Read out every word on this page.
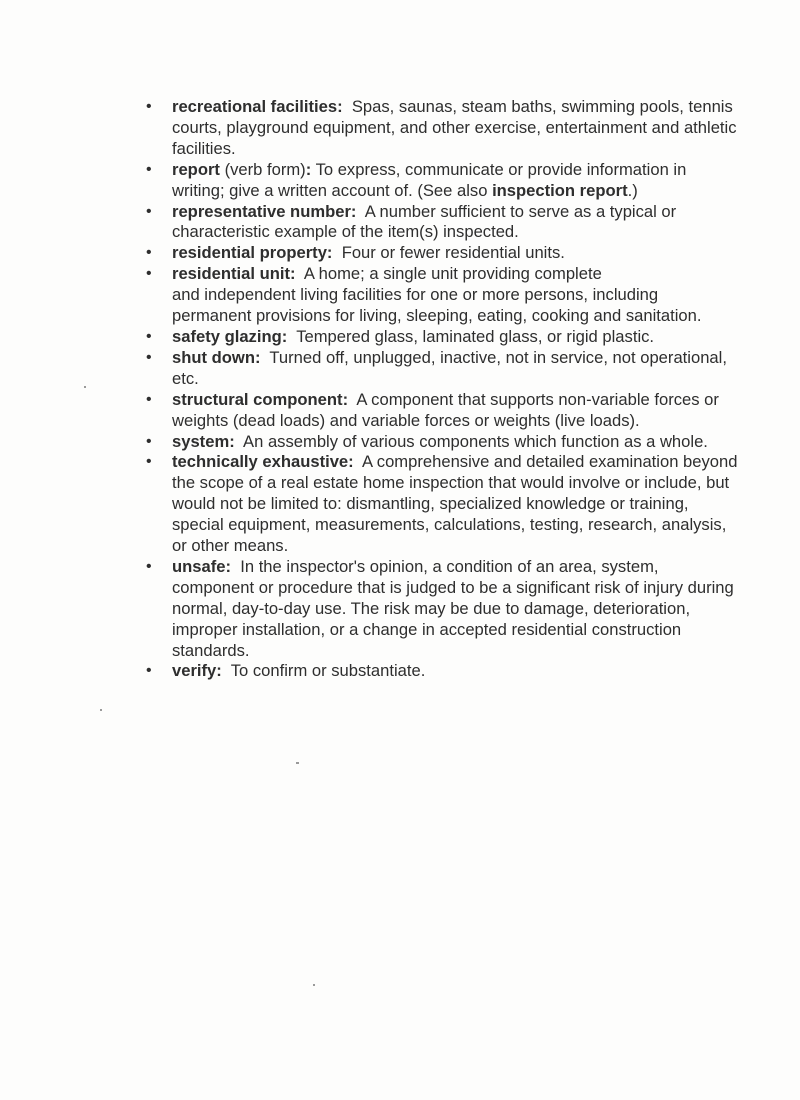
• recreational facilities: Spas, saunas, steam baths, swimming pools, tennis courts, playground equipment, and other exercise, entertainment and athletic facilities.
• report (verb form): To express, communicate or provide information in writing; give a written account of. (See also inspection report.)
• representative number: A number sufficient to serve as a typical or characteristic example of the item(s) inspected.
• residential property: Four or fewer residential units.
• residential unit: A home; a single unit providing complete
and independent living facilities for one or more persons, including permanent provisions for living, sleeping, eating, cooking and sanitation.
• safety glazing: Tempered glass, laminated glass, or rigid plastic.
• shut down: Turned off, unplugged, inactive, not in service, not operational, etc.
• structural component: A component that supports non-variable forces or weights (dead loads) and variable forces or weights (live loads).
• system: An assembly of various components which function as a whole.
• technically exhaustive: A comprehensive and detailed examination beyond the scope of a real estate home inspection that would involve or include, but would not be limited to: dismantling, specialized knowledge or training, special equipment, measurements, calculations, testing, research, analysis, or other means.
• unsafe: In the inspector's opinion, a condition of an area, system, component or procedure that is judged to be a significant risk of injury during normal, day-to-day use. The risk may be due to damage, deterioration, improper installation, or a change in accepted residential construction standards.
• verify: To confirm or substantiate.
